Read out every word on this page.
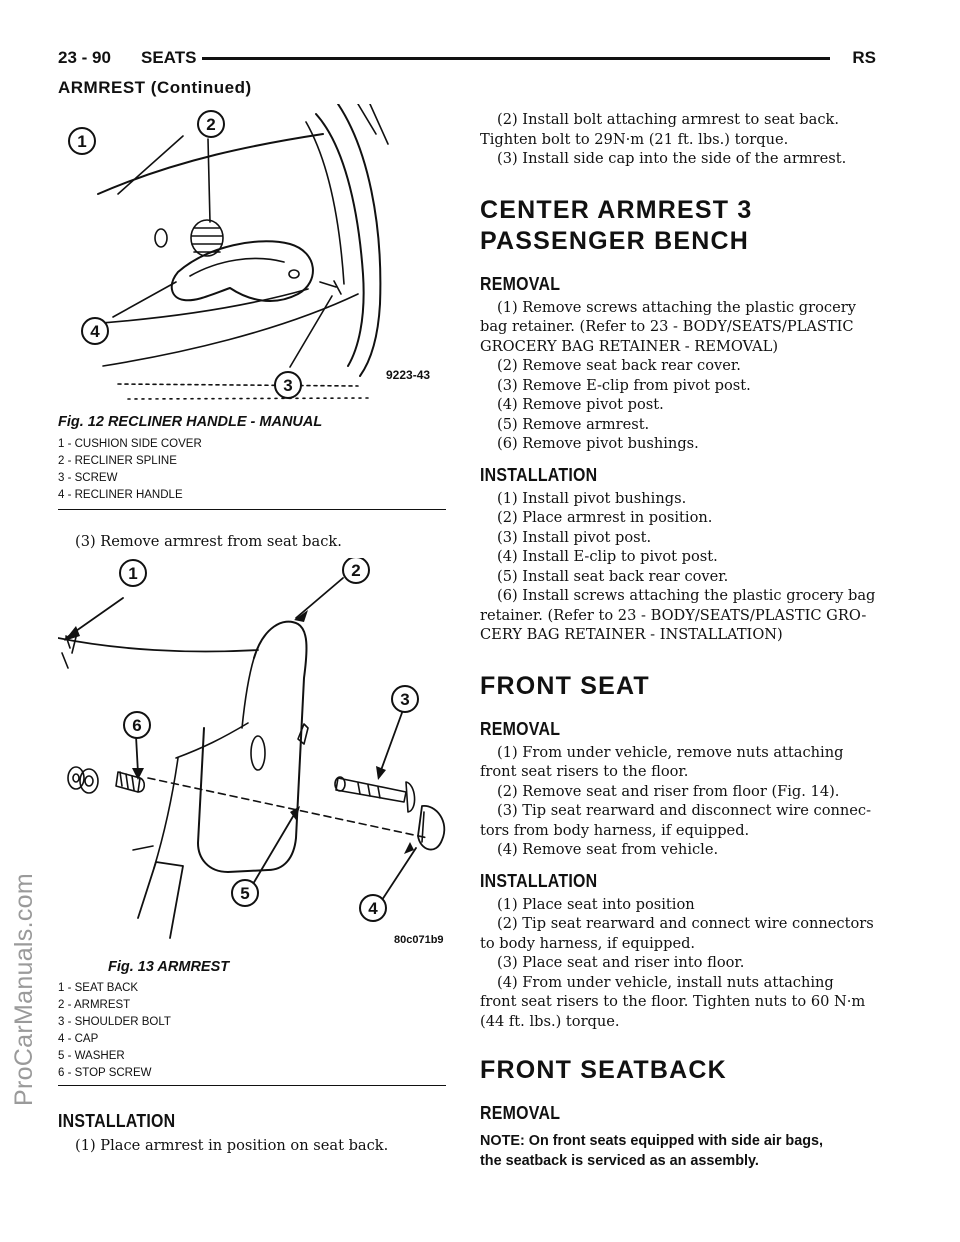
ProCarManuals.com
23 - 90 SEATS	RS
ARMREST (Continued)
1
2
3
4
9223-43
Fig. 12 RECLINER HANDLE - MANUAL
1 - CUSHION SIDE COVER
2 - RECLINER SPLINE
3 - SCREW
4 - RECLINER HANDLE
(3) Remove armrest from seat back.
1	2
3
4
5
6
80c071b9
Fig. 13 ARMREST
1 - SEAT BACK
2 - ARMREST
3 - SHOULDER BOLT
4 - CAP
5 - WASHER
6 - STOP SCREW
INSTALLATION
(1) Place armrest in position on seat back.
(2) Install bolt attaching armrest to seat back.
Tighten bolt to 29N·m (21 ft. lbs.) torque.
(3) Install side cap into the side of the armrest.
CENTER ARMREST 3
PASSENGER BENCH
REMOVAL
(1) Remove screws attaching the plastic grocery
bag retainer. (Refer to 23 - BODY/SEATS/PLASTIC
GROCERY BAG RETAINER - REMOVAL)
(2) Remove seat back rear cover.
(3) Remove E-clip from pivot post.
(4) Remove pivot post.
(5) Remove armrest.
(6) Remove pivot bushings.
INSTALLATION
(1) Install pivot bushings.
(2) Place armrest in position.
(3) Install pivot post.
(4) Install E-clip to pivot post.
(5) Install seat back rear cover.
(6) Install screws attaching the plastic grocery bag
retainer. (Refer to 23 - BODY/SEATS/PLASTIC GRO-
CERY BAG RETAINER - INSTALLATION)
FRONT SEAT
REMOVAL
(1) From under vehicle, remove nuts attaching
front seat risers to the floor.
(2) Remove seat and riser from floor (Fig. 14).
(3) Tip seat rearward and disconnect wire connec-
tors from body harness, if equipped.
(4) Remove seat from vehicle.
INSTALLATION
(1) Place seat into position
(2) Tip seat rearward and connect wire connectors
to body harness, if equipped.
(3) Place seat and riser into floor.
(4) From under vehicle, install nuts attaching
front seat risers to the floor. Tighten nuts to 60 N·m
(44 ft. lbs.) torque.
FRONT SEATBACK
REMOVAL
NOTE: On front seats equipped with side air bags,
the seatback is serviced as an assembly.
